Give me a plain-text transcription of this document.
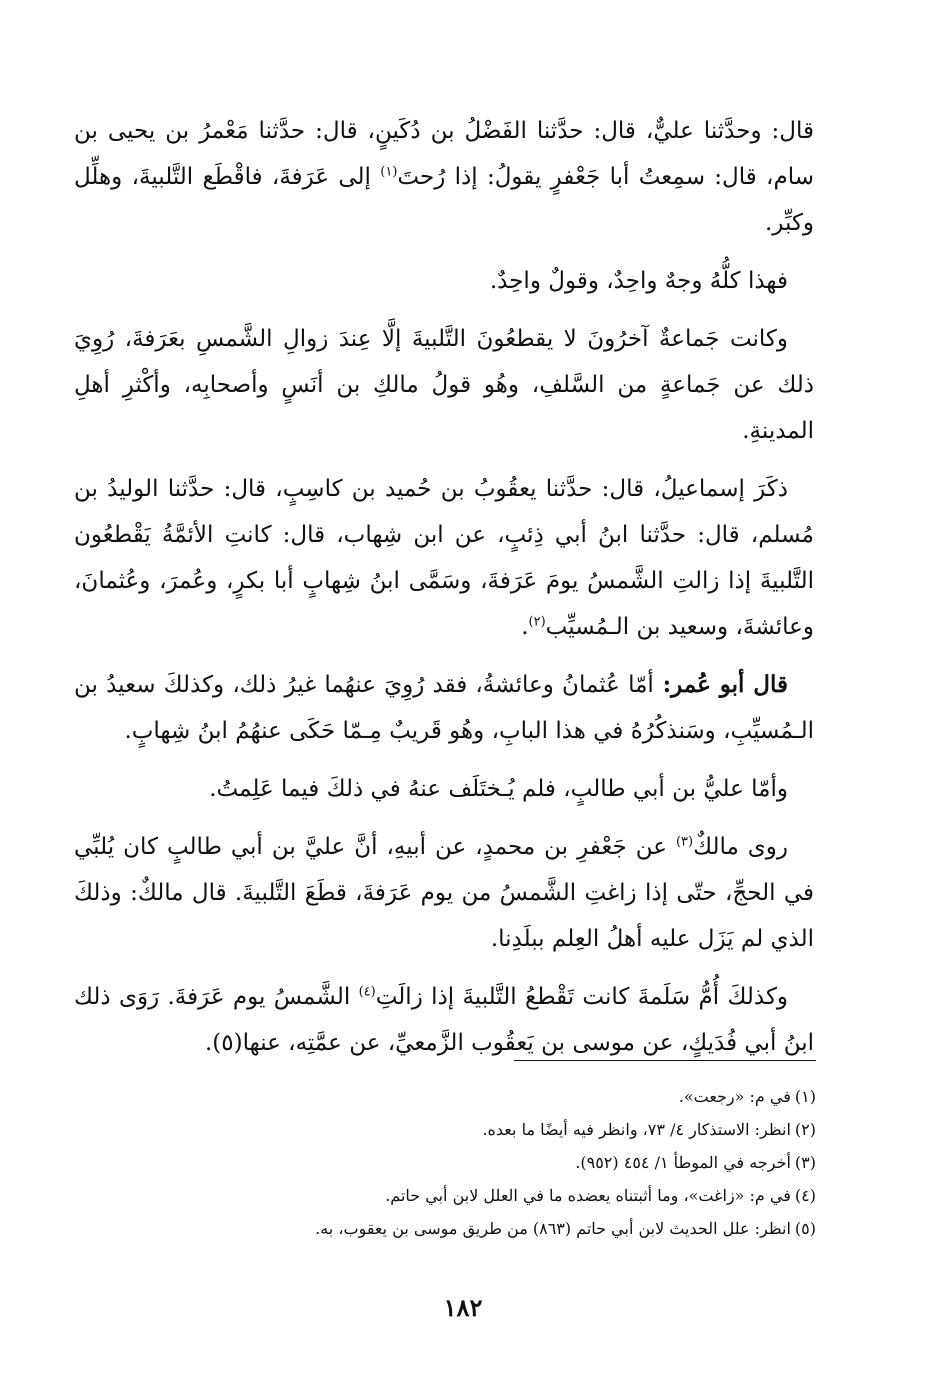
قال: وحدَّثنا عليٌّ، قال: حدَّثنا الفَضْلُ بن دُكَينٍ، قال: حدَّثنا مَعْمرُ بن يحيى بن سام، قال: سمِعتُ أبا جَعْفرٍ يقولُ: إذا رُحتَ$^{(١)}$ إلى عَرَفةَ، فاقْطَع التَّلبيةَ، وهلِّل وكبِّر.

فهذا كلُّهُ وجهٌ واحِدٌ، وقولٌ واحِدٌ.

وكانت جَماعةٌ آخرُونَ لا يقطعُونَ التَّلبيةَ إلَّا عِندَ زوالِ الشَّمسِ بعَرَفةَ، رُوِيَ ذلك عن جَماعةٍ من السَّلفِ، وهُو قولُ مالكِ بن أنَسٍ وأصحابِه، وأكْثرِ أهلِ المدينةِ.

ذكَرَ إسماعيلُ، قال: حدَّثنا يعقُوبُ بن حُميد بن كاسِبٍ، قال: حدَّثنا الوليدُ بن مُسلم، قال: حدَّثنا ابنُ أبي ذِئبٍ، عن ابن شِهاب، قال: كانتِ الأئمَّةُ يَقْطعُون التَّلبيةَ إذا زالتِ الشَّمسُ يومَ عَرَفةَ، وسَمَّى ابنُ شِهابٍ أبا بكرٍ، وعُمرَ، وعُثمانَ، وعائشةَ، وسعيد بن الـمُسيِّب$^{(٢)}$.

قال أبو عُمر: أمّا عُثمانُ وعائشةُ، فقد رُوِيَ عنهُما غيرُ ذلك، وكذلكَ سعيدُ بن الـمُسيِّبِ، وسَنذكُرُهُ في هذا البابِ، وهُو قَريبٌ مِـمّا حَكَى عنهُمُ ابنُ شِهابٍ.

وأمّا عليُّ بن أبي طالبٍ، فلم يُـختَلَف عنهُ في ذلكَ فيما عَلِمتُ.

روى مالكٌ$^{(٣)}$ عن جَعْفرِ بن محمدٍ، عن أبيهِ، أنَّ عليَّ بن أبي طالبٍ كان يُلبِّي في الحجِّ، حتّى إذا زاغتِ الشَّمسُ من يوم عَرَفةَ، قطَعَ التَّلبيةَ. قال مالكٌ: وذلكَ الذي لم يَزَل عليه أهلُ العِلم ببلَدِنا.

وكذلكَ أُمُّ سَلَمةَ كانت تَقْطعُ التَّلبيةَ إذا زالَتِ$^{(٤)}$ الشَّمسُ يوم عَرَفةَ. رَوَى ذلك ابنُ أبي فُدَيكٍ، عن موسى بن يَعقُوب الزَّمعيِّ، عن عمَّتِه، عنها(٥).

(١)في م: «رجعت».

(٢)انظر: الاستذكار ٤/ ٧٣، وانظر فيه أيضًا ما بعده.

(٣)أخرجه في الموطأ ١/ ٤٥٤ (٩٥٢).

(٤)في م: «زاغت»، وما أثبتناه يعضده ما في العلل لابن أبي حاتم.

(٥)انظر: علل الحديث لابن أبي حاتم (٨٦٣) من طريق موسى بن يعقوب، به.

١٨٢
